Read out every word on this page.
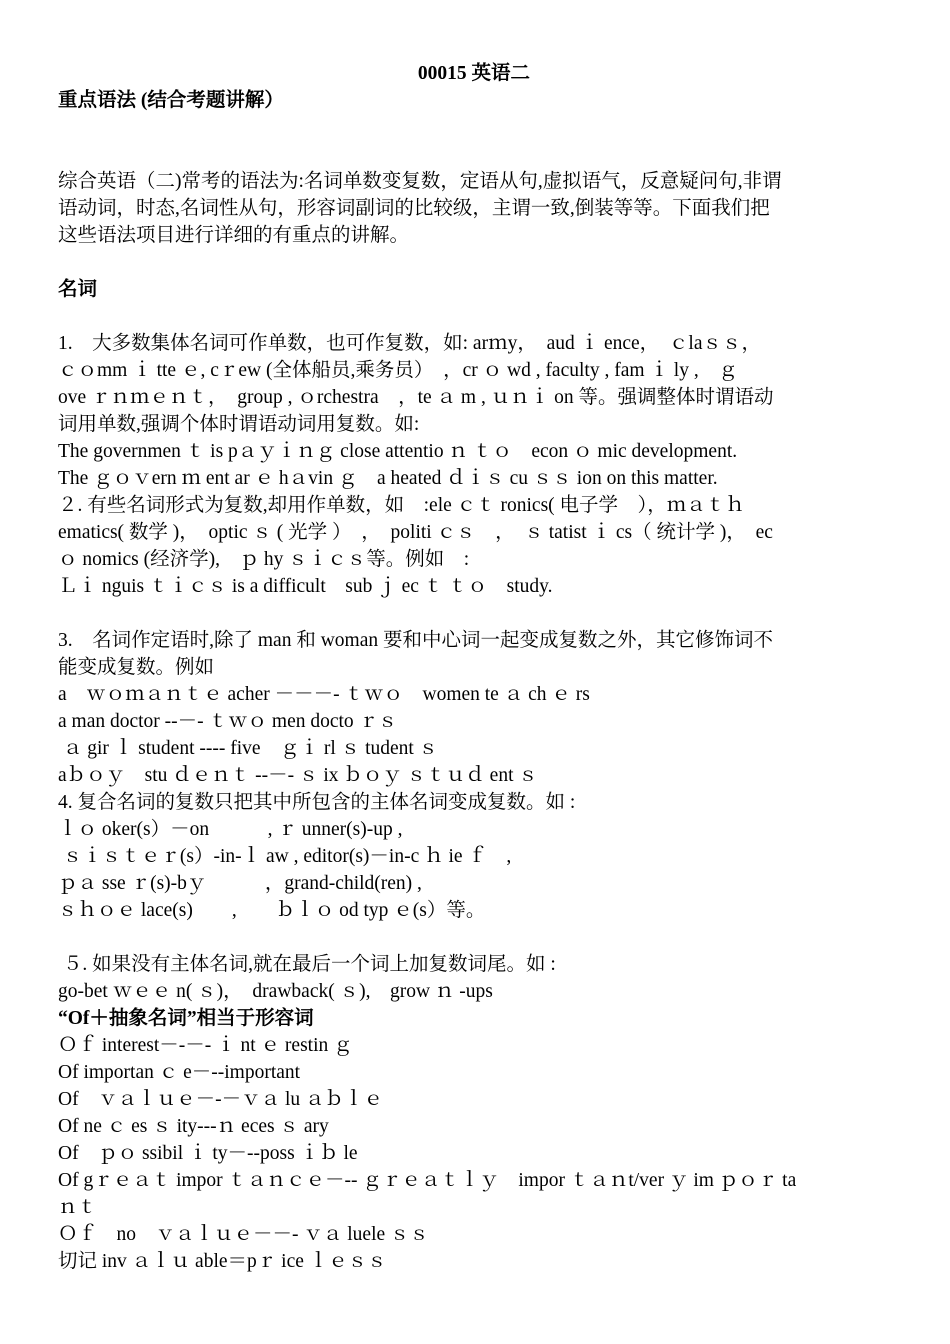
00015 英语二
重点语法 (结合考题讲解）
综合英语（二)常考的语法为:名词单数变复数，定语从句,虚拟语气，反意疑问句,非谓
语动词，时态,名词性从句，形容词副词的比较级，主谓一致,倒装等等。下面我们把
这些语法项目进行详细的有重点的讲解。
名词
1.　大多数集体名词可作单数，也可作复数，如: arｍy，　aud ｉ ence，　ｃlaｓｓ，
ｃｏmm ｉ tte ｅ, cｒew (全体船员,乘务员）　，cr ｏ wd , faculty , fam ｉ ly ,　ｇ
ove ｒｎｍｅｎｔ，　group , ｏrchestra　，te ａ m , ｕｎｉ on 等。强调整体时谓语动
词用单数,强调个体时谓语动词用复数。如:
The governmen ｔ is pａｙｉｎｇ close attentio ｎ ｔｏ　econ ｏ mic development.
The ｇｏｖern ｍ ent ar ｅ hａvin ｇ　a heated ｄｉｓ cu ｓｓ ion on this matter.
２. 有些名词形式为复数,却用作单数，如　:ele ｃｔ ronics( 电子学　），ｍａｔｈ
ematics( 数学 )，　optic ｓ ( 光学 ）　，　politi ｃｓ　，　ｓ tatist ｉ cs（ 统计学 )，　ec
ｏ nomics (经济学),　ｐ hy ｓｉｃｓ等。例如　:
Ｌｉ nguis ｔｉｃｓ is a difficult　sub ｊ ec ｔ ｔｏ　study.
3.　名词作定语时,除了 man 和 woman 要和中心词一起变成复数之外，其它修饰词不
能变成复数。例如
a　ｗｏｍａｎｔｅ acher －－－- ｔｗｏ　women te ａ ch ｅ rs
a man doctor --－- ｔｗｏ men docto ｒｓ
ａ gir ｌ student ---- five　ｇｉ rl ｓ tudent ｓ
aｂｏｙ　stu ｄｅｎｔ --－- ｓ ix ｂｏｙ ｓｔｕｄ ent ｓ
4. 复合名词的复数只把其中所包含的主体名词变成复数。如 :
ｌｏ oker(s）－on　　　, ｒ unner(s)-up ,
ｓｉｓｔｅｒ(s）-in-ｌ aw , editor(s)－in-c ｈ ie ｆ　,
ｐａ sse ｒ(s)-bｙ　　　，grand-child(ren) ,
ｓｈｏｅ lace(s)　　,　　ｂｌｏ od typ ｅ(s）等。
５. 如果没有主体名词,就在最后一个词上加复数词尾。如 :
go-bet ｗｅｅ n( ｓ)，　drawback( ｓ),　grow ｎ -ups
“Of＋抽象名词”相当于形容词
Ｏｆ interest－-－- ｉ nt ｅ restin ｇ
Of importan ｃ e－--important
Of　ｖａｌｕｅ－-－ｖａ lu ａｂｌｅ
Of ne ｃ es ｓ ity---ｎ eces ｓ ary
Of　ｐｏ ssibil ｉ ty－--poss ｉｂ le
Of gｒｅａｔ impor ｔａｎｃｅ－-- ｇｒｅａｔｌｙ　impor ｔａｎt/ver ｙ im ｐｏｒ ta
ｎｔ
Ｏｆ　no　ｖａｌｕｅ－－- ｖａ luele ｓｓ
切记 inv ａｌｕ able＝pｒ ice ｌｅｓｓ
